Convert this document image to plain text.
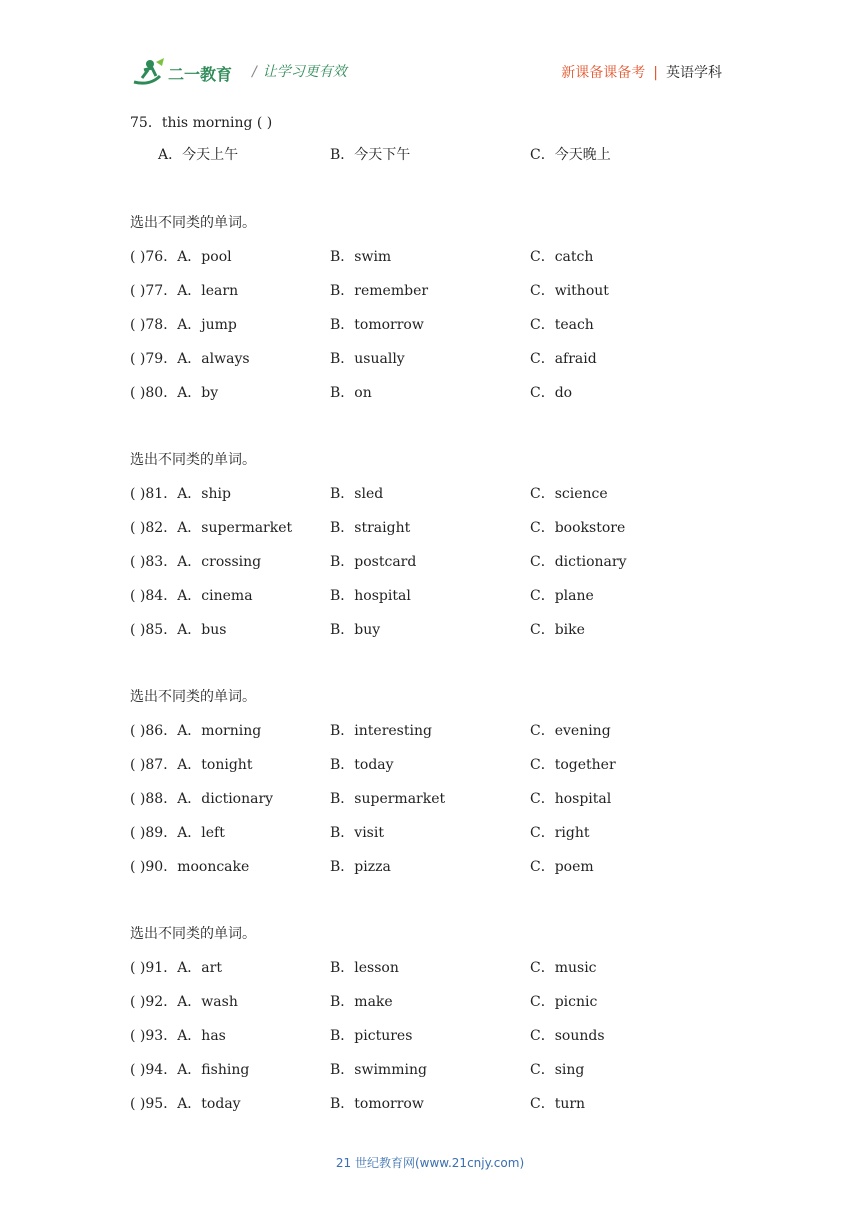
二一教育 / 让学习更有效	新课备课备考 | 英语学科
75．this morning ( )
A．今天上午	B．今天下午	C．今天晚上
选出不同类的单词。
( )76．A．pool	B．swim	C．catch
( )77．A．learn	B．remember	C．without
( )78．A．jump	B．tomorrow	C．teach
( )79．A．always	B．usually	C．afraid
( )80．A．by	B．on	C．do
选出不同类的单词。
( )81．A．ship	B．sled	C．science
( )82．A．supermarket	B．straight	C．bookstore
( )83．A．crossing	B．postcard	C．dictionary
( )84．A．cinema	B．hospital	C．plane
( )85．A．bus	B．buy	C．bike
选出不同类的单词。
( )86．A．morning	B．interesting	C．evening
( )87．A．tonight	B．today	C．together
( )88．A．dictionary	B．supermarket	C．hospital
( )89．A．left	B．visit	C．right
( )90．mooncake	B．pizza	C．poem
选出不同类的单词。
( )91．A．art	B．lesson	C．music
( )92．A．wash	B．make	C．picnic
( )93．A．has	B．pictures	C．sounds
( )94．A．fishing	B．swimming	C．sing
( )95．A．today	B．tomorrow	C．turn
21 世纪教育网(www.21cnjy.com)
